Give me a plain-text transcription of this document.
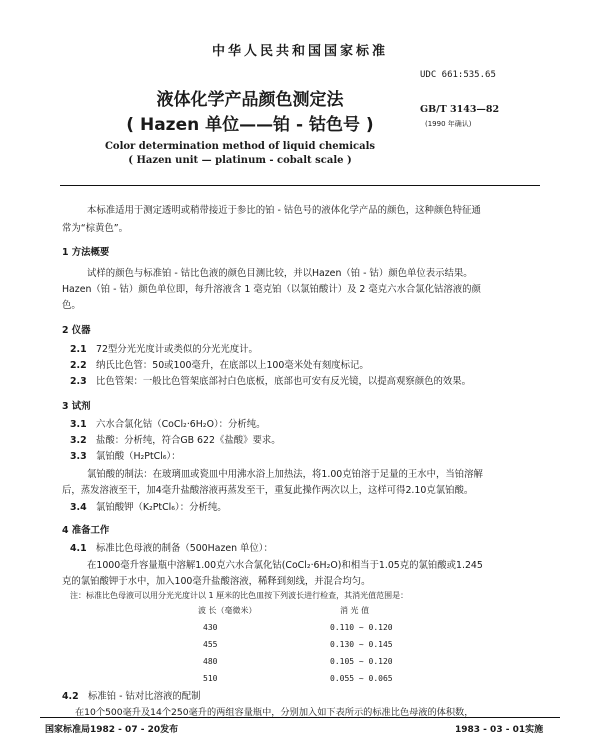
中华人民共和国国家标准
UDC 661:535.65
液体化学产品颜色测定法
( Hazen 单位——铂 - 钴色号 )
GB/T 3143—82
(1990 年确认)
Color determination method of liquid chemicals
( Hazen unit — platinum - cobalt scale )
本标准适用于测定透明或稍带接近于参比的铂 - 钴色号的液体化学产品的颜色，这种颜色特征通
常为“棕黄色”。
1 方法概要
试样的颜色与标准铂 - 钴比色液的颜色目测比较，并以Hazen（铂 - 钴）颜色单位表示结果。
Hazen（铂 - 钴）颜色单位即，每升溶液含 1 毫克铂（以氯铂酸计）及 2 毫克六水合氯化钴溶液的颜
色。
2 仪器
2.1 72型分光光度计或类似的分光光度计。
2.2 纳氏比色管：50或100毫升，在底部以上100毫米处有刻度标记。
2.3 比色管架：一般比色管架底部衬白色底板，底部也可安有反光镜，以提高观察颜色的效果。
3 试剂
3.1 六水合氯化钴（CoCl₂·6H₂O）：分析纯。
3.2 盐酸：分析纯，符合GB 622《盐酸》要求。
3.3 氯铂酸（H₂PtCl₆）：
氯铂酸的制法：在玻璃皿或瓷皿中用沸水浴上加热法，将1.00克铂溶于足量的王水中，当铂溶解
后，蒸发溶液至干，加4毫升盐酸溶液再蒸发至干，重复此操作两次以上，这样可得2.10克氯铂酸。
3.4 氯铂酸钾（K₂PtCl₆）：分析纯。
4 准备工作
4.1 标准比色母液的制备（500Hazen 单位）：
在1000毫升容量瓶中溶解1.00克六水合氯化钴(CoCl₂·6H₂O)和相当于1.05克的氯铂酸或1.245
克的氯铂酸钾于水中，加入100毫升盐酸溶液，稀释到刻线，并混合均匀。
注：标准比色母液可以用分光光度计以 1 厘米的比色皿按下列波长进行检查，其消光值范围是：
波 长（毫微米）	消 光 值
430	0.110 ~ 0.120
455	0.130 ~ 0.145
480	0.105 ~ 0.120
510	0.055 ~ 0.065
4.2 标准铂 - 钴对比溶液的配制
在10个500毫升及14个250毫升的两组容量瓶中，分别加入如下表所示的标准比色母液的体积数，
国家标准局1982 - 07 - 20发布	1983 - 03 - 01实施
